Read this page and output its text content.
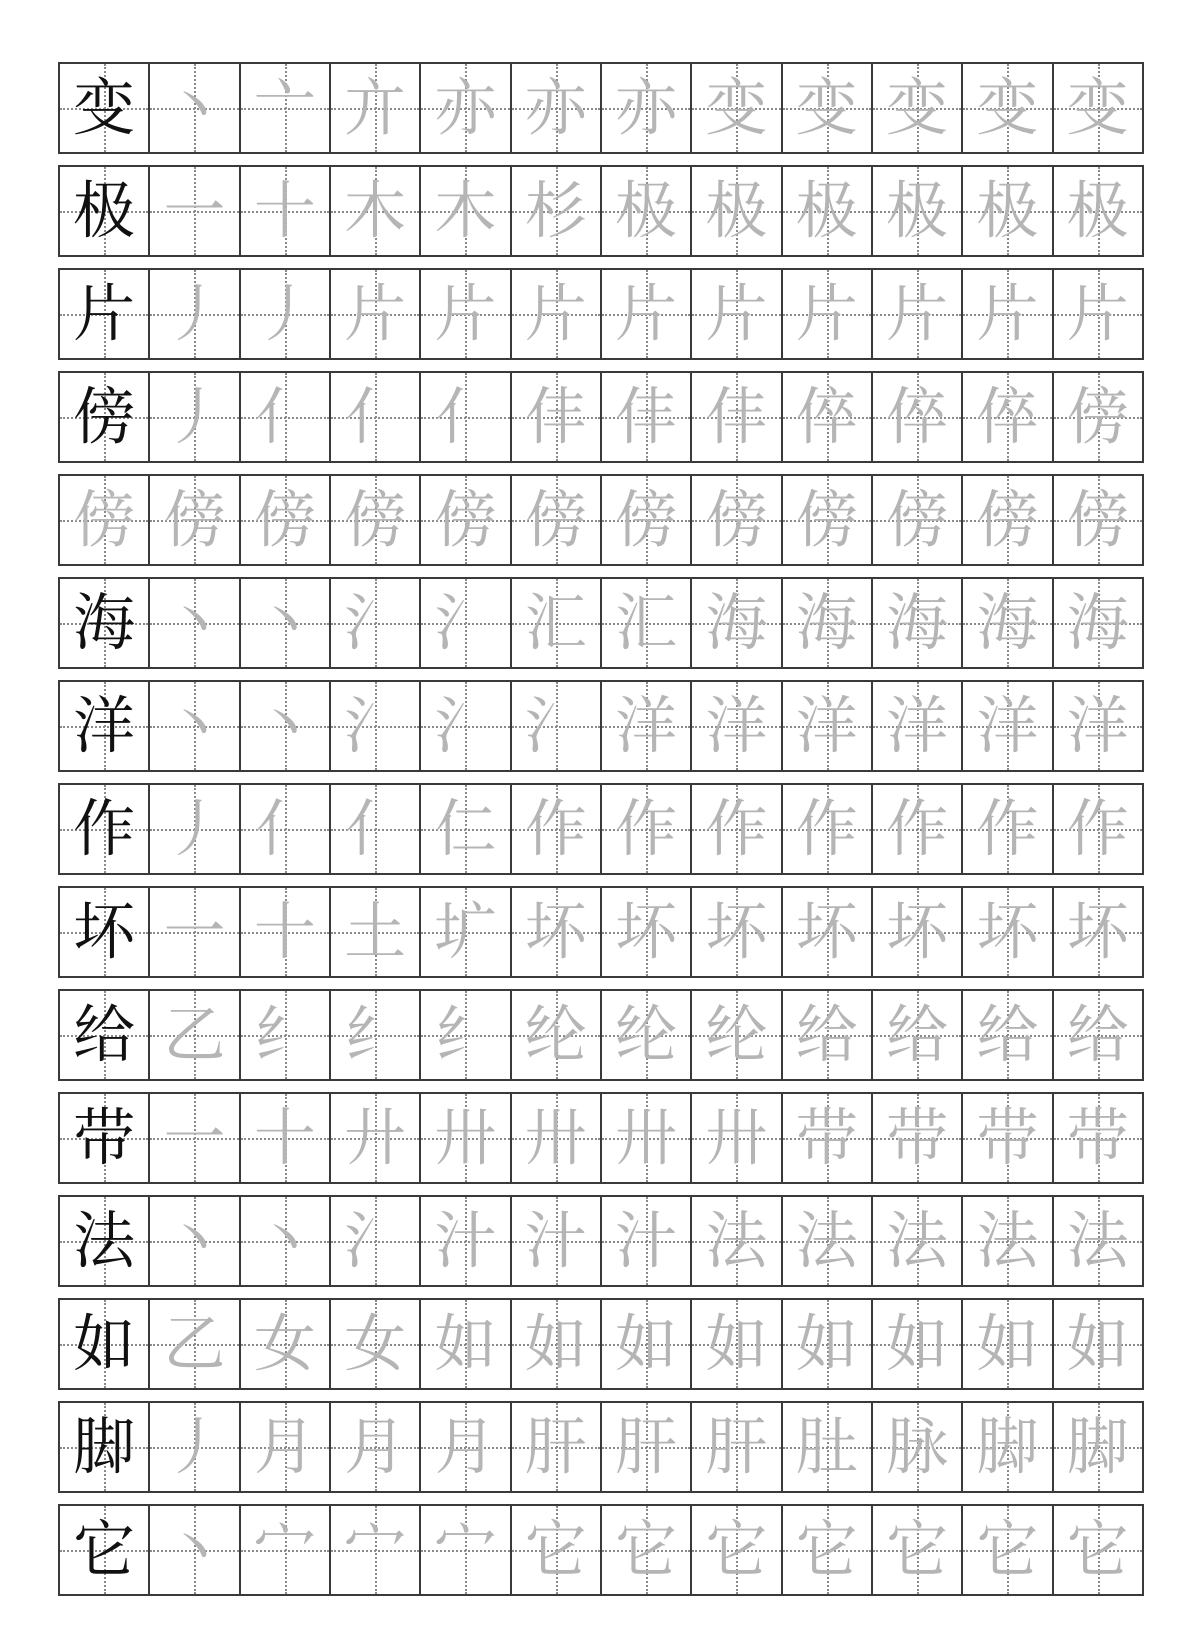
变 丶 亠 亣 亦 亦 亦 变 变 变 变 变
极 一 十 木 木 杉 极 极 极 极 极 极
片 丿 丿 片 片 片 片 片 片 片 片 片
傍 丿 亻 亻 亻 仹 仹 仹 倅 倅 倅 傍
傍 傍 傍 傍 傍 傍 傍 傍 傍 傍 傍 傍
海 丶 丶 氵 氵 汇 汇 海 海 海 海 海
洋 丶 丶 氵 氵 氵 洋 洋 洋 洋 洋 洋
作 丿 亻 亻 仁 作 作 作 作 作 作 作
坏 一 十 土 圹 坏 坏 坏 坏 坏 坏 坏
给 乙 纟 纟 纟 纶 纶 纶 给 给 给 给
带 一 十 廾 卅 卅 卅 卅 带 带 带 带
法 丶 丶 氵 汁 汁 汁 法 法 法 法 法
如 乙 女 女 如 如 如 如 如 如 如 如
脚 丿 月 月 月 肝 肝 肝 肚 脉 脚 脚
它 丶 宀 宀 宀 它 它 它 它 它 它 它
